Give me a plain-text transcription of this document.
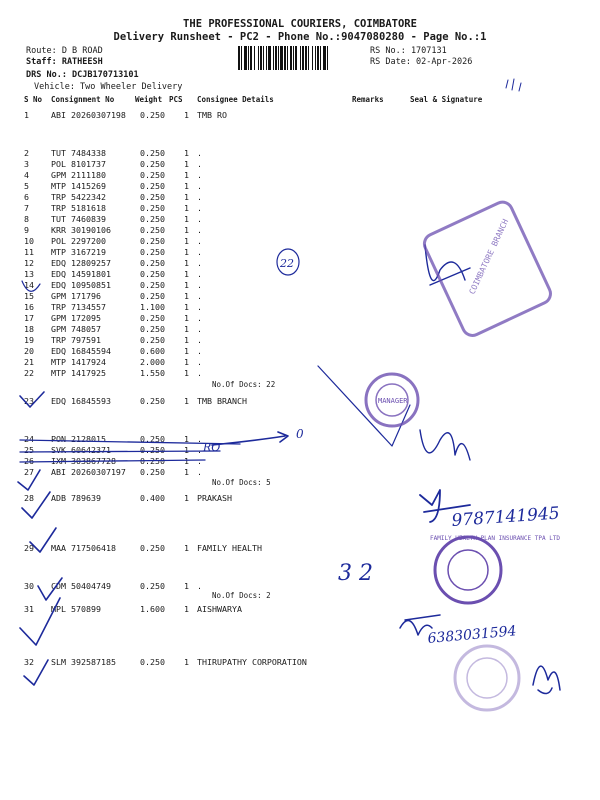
THE PROFESSIONAL COURIERS, COIMBATORE
Delivery Runsheet - PC2 - Phone No.:9047080280 - Page No.:1
Route: D B ROAD
Staff: RATHEESH
DRS No.: DCJB170713101
Vehicle: Two Wheeler Delivery
RS No.: 1707131
RS Date: 02-Apr-2026
S No Consignment No	Weight PCS Consignee Details	Remarks	Seal & Signature
1	ABI 20260307198 0.250 1 TMB RO
2	TUT 7484338	0.250 1 .
3	POL 8101737	0.250 1 .
4	GPM 2111180	0.250 1 .
5	MTP 1415269	0.250 1 .
6	TRP 5422342	0.250 1 .
7	TRP 5181618	0.250 1 .
8	TUT 7460839	0.250 1 .
9	KRR 30190106	0.250 1 .
10 POL 2297200	0.250 1 .
11 MTP 3167219	0.250 1 .
12 EDQ 12809257	0.250 1 .
13 EDQ 14591801	0.250 1 .
14 EDQ 10950851	0.250 1 .
15 GPM 171796	0.250 1 .
16 TRP 7134557	1.100 1 .
17 GPM 172095	0.250 1 .
18 GPM 748057	0.250 1 .
19 TRP 797591	0.250 1 .
20 EDQ 16845594	0.600 1 .
21 MTP 1417924	2.000 1 .
22 MTP 1417925	1.550 1 .
23 EDQ 16845593	0.250 1 TMB BRANCH
24 PON 2128015	0.250 1 .
25 SVK 60642371	0.250 1 .
26 IXM 303867728	0.250 1 .
27 ABI 20260307197 0.250 1 .
28 ADB 789639	0.400 1 PRAKASH
29 MAA 717506418	0.250 1 FAMILY HEALTH
30 CDM 50404749	0.250 1 .
31 MPL 570899	1.600 1 AISHWARYA
32 SLM 392587185	0.250 1 THIRUPATHY CORPORATION
No.Of Docs: 22
No.Of Docs: 5
No.Of Docs: 2
RO
0
22
9787141945
6383031594
3 2
COIMBATORE BRANCH
MANAGER
FAMILY HEALTH PLAN INSURANCE TPA LTD
